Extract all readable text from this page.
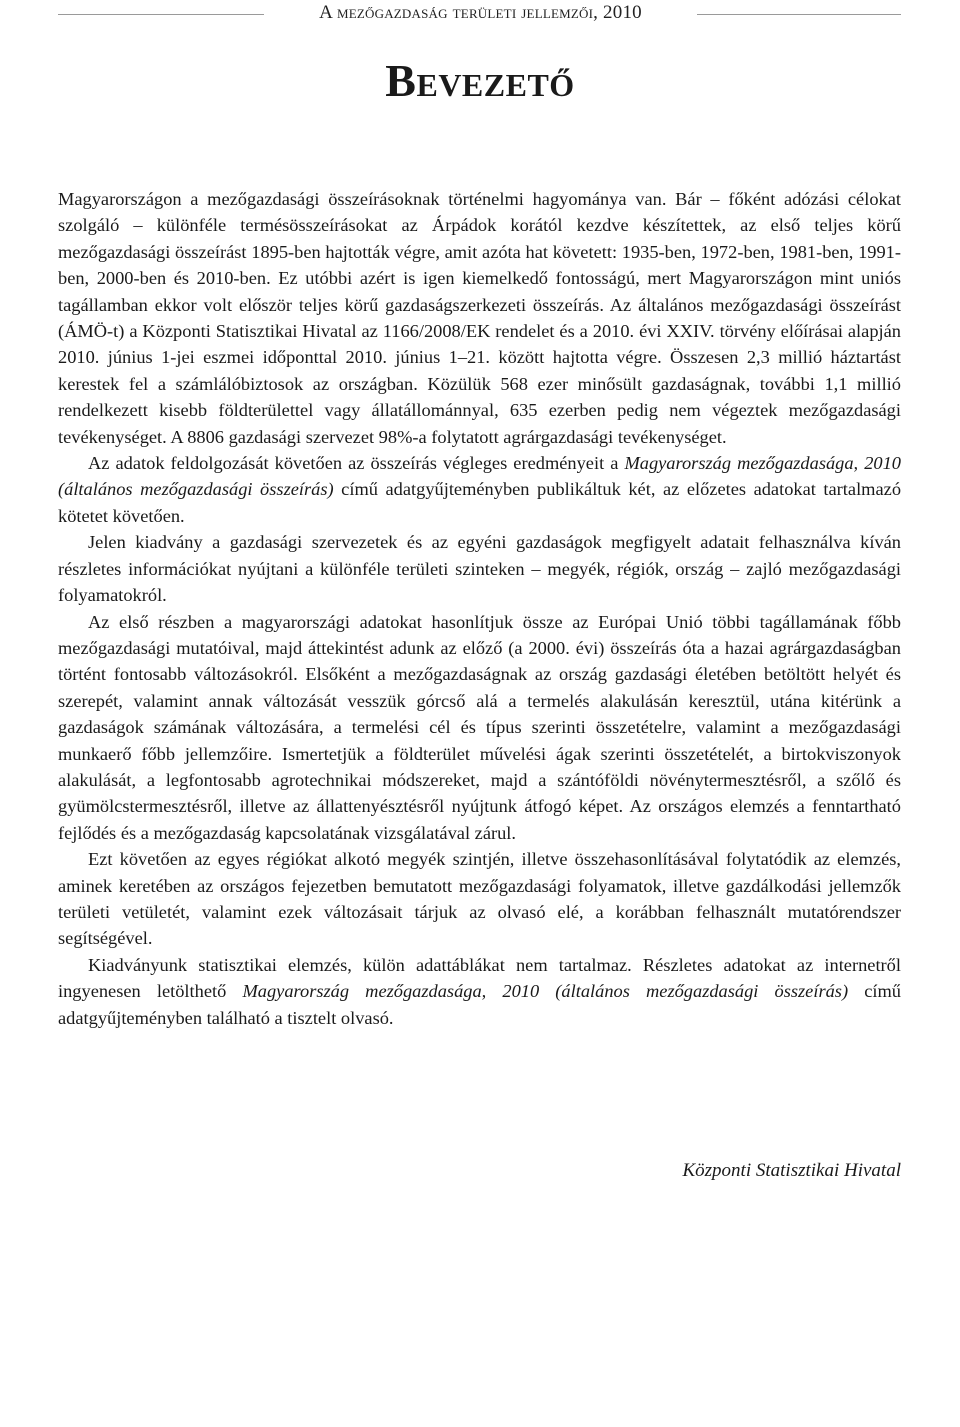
A mezőgazdaság területi jellemzői, 2010
Bevezető

Magyarországon a mezőgazdasági összeírásoknak történelmi hagyománya van. Bár – főként adózási célokat szolgáló – különféle termésösszeírásokat az Árpádok korától kezdve készítettek, az első teljes körű mezőgazdasági összeírást 1895-ben hajtották végre, amit azóta hat követett: 1935-ben, 1972-ben, 1981-ben, 1991-ben, 2000-ben és 2010-ben. Ez utóbbi azért is igen kiemelkedő fontosságú, mert Magyarországon mint uniós tagállamban ekkor volt először teljes körű gazdaságszerkezeti összeírás. Az általános mezőgazdasági összeírást (ÁMÖ-t) a Központi Statisztikai Hivatal az 1166/2008/EK rendelet és a 2010. évi XXIV. törvény előírásai alapján 2010. június 1-jei eszmei időponttal 2010. június 1–21. között hajtotta végre. Összesen 2,3 millió háztartást kerestek fel a számlálóbiztosok az országban. Közülük 568 ezer minősült gazdaságnak, további 1,1 millió rendelkezett kisebb földterülettel vagy állatállománnyal, 635 ezerben pedig nem végeztek mezőgazdasági tevékenységet. A 8806 gazdasági szervezet 98%-a folytatott agrárgazdasági tevékenységet.

Az adatok feldolgozását követően az összeírás végleges eredményeit a Magyarország mezőgazdasága, 2010 (általános mezőgazdasági összeírás) című adatgyűjteményben publikáltuk két, az előzetes adatokat tartalmazó kötetet követően.

Jelen kiadvány a gazdasági szervezetek és az egyéni gazdaságok megfigyelt adatait felhasználva kíván részletes információkat nyújtani a különféle területi szinteken – megyék, régiók, ország – zajló mezőgazdasági folyamatokról.

Az első részben a magyarországi adatokat hasonlítjuk össze az Európai Unió többi tagállamának főbb mezőgazdasági mutatóival, majd áttekintést adunk az előző (a 2000. évi) összeírás óta a hazai agrárgazdaságban történt fontosabb változásokról. Elsőként a mezőgazdaságnak az ország gazdasági életében betöltött helyét és szerepét, valamint annak változását vesszük górcső alá a termelés alakulásán keresztül, utána kitérünk a gazdaságok számának változására, a termelési cél és típus szerinti összetételre, valamint a mezőgazdasági munkaerő főbb jellemzőire. Ismertetjük a földterület művelési ágak szerinti összetételét, a birtokviszonyok alakulását, a legfontosabb agrotechnikai módszereket, majd a szántóföldi növénytermesztésről, a szőlő és gyümölcstermesztésről, illetve az állattenyésztésről nyújtunk átfogó képet. Az országos elemzés a fenntartható fejlődés és a mezőgazdaság kapcsolatának vizsgálatával zárul.

Ezt követően az egyes régiókat alkotó megyék szintjén, illetve összehasonlításával folytatódik az elemzés, aminek keretében az országos fejezetben bemutatott mezőgazdasági folyamatok, illetve gazdálkodási jellemzők területi vetületét, valamint ezek változásait tárjuk az olvasó elé, a korábban felhasznált mutatórendszer segítségével.

Kiadványunk statisztikai elemzés, külön adattáblákat nem tartalmaz. Részletes adatokat az internetről ingyenesen letölthető Magyarország mezőgazdasága, 2010 (általános mezőgazdasági összeírás) című adatgyűjteményben található a tisztelt olvasó.

Központi Statisztikai Hivatal
